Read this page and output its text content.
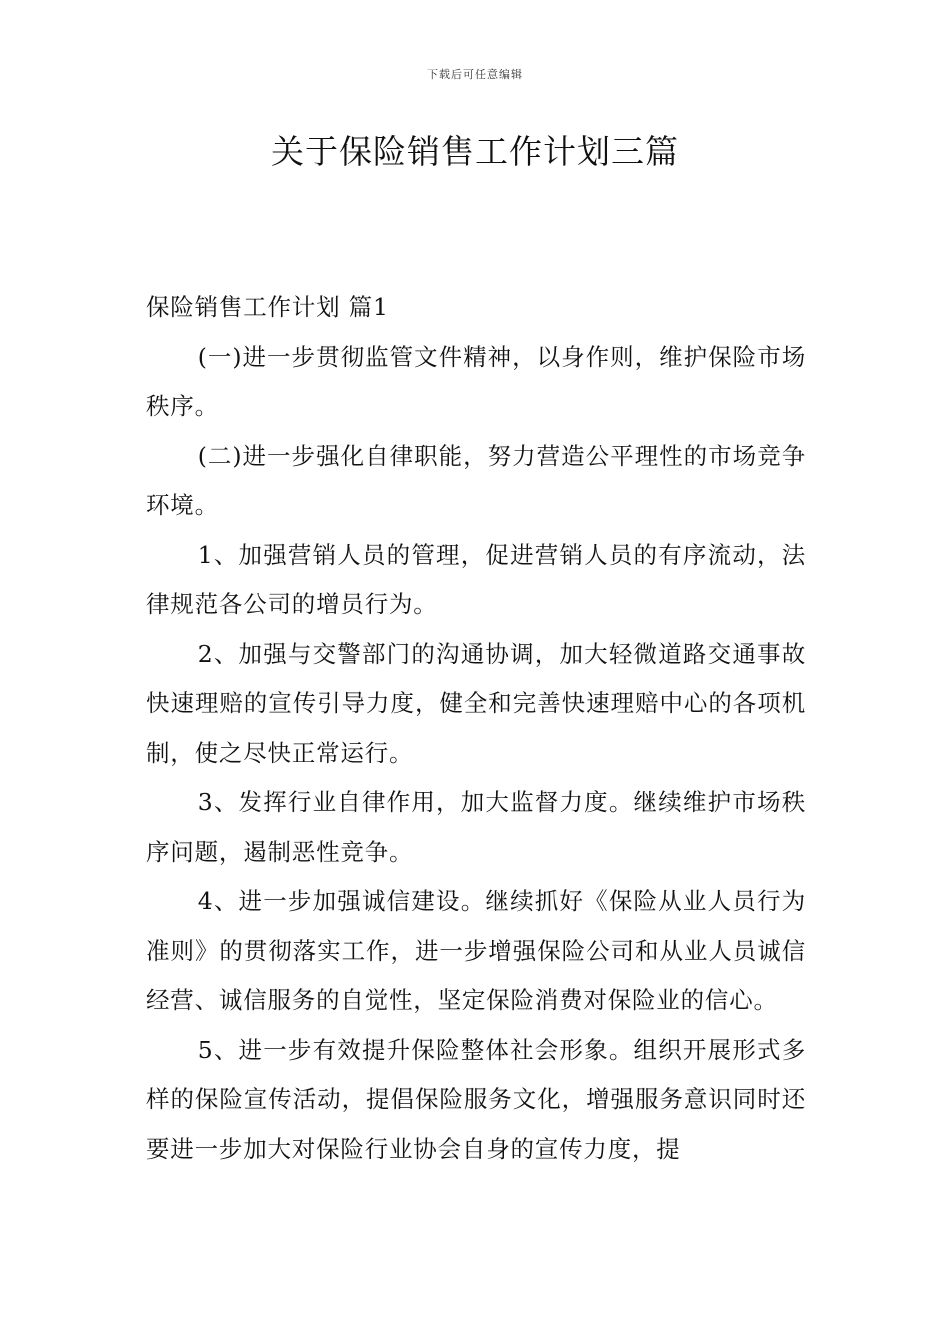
下载后可任意编辑
关于保险销售工作计划三篇

保险销售工作计划 篇1

(一)进一步贯彻监管文件精神，以身作则，维护保险市场秩序。

(二)进一步强化自律职能，努力营造公平理性的市场竞争环境。

1、加强营销人员的管理，促进营销人员的有序流动，法律规范各公司的增员行为。

2、加强与交警部门的沟通协调，加大轻微道路交通事故快速理赔的宣传引导力度，健全和完善快速理赔中心的各项机制，使之尽快正常运行。

3、发挥行业自律作用，加大监督力度。继续维护市场秩序问题，遏制恶性竞争。

4、进一步加强诚信建设。继续抓好《保险从业人员行为准则》的贯彻落实工作，进一步增强保险公司和从业人员诚信经营、诚信服务的自觉性，坚定保险消费对保险业的信心。

5、进一步有效提升保险整体社会形象。组织开展形式多样的保险宣传活动，提倡保险服务文化，增强服务意识同时还要进一步加大对保险行业协会自身的宣传力度，提
